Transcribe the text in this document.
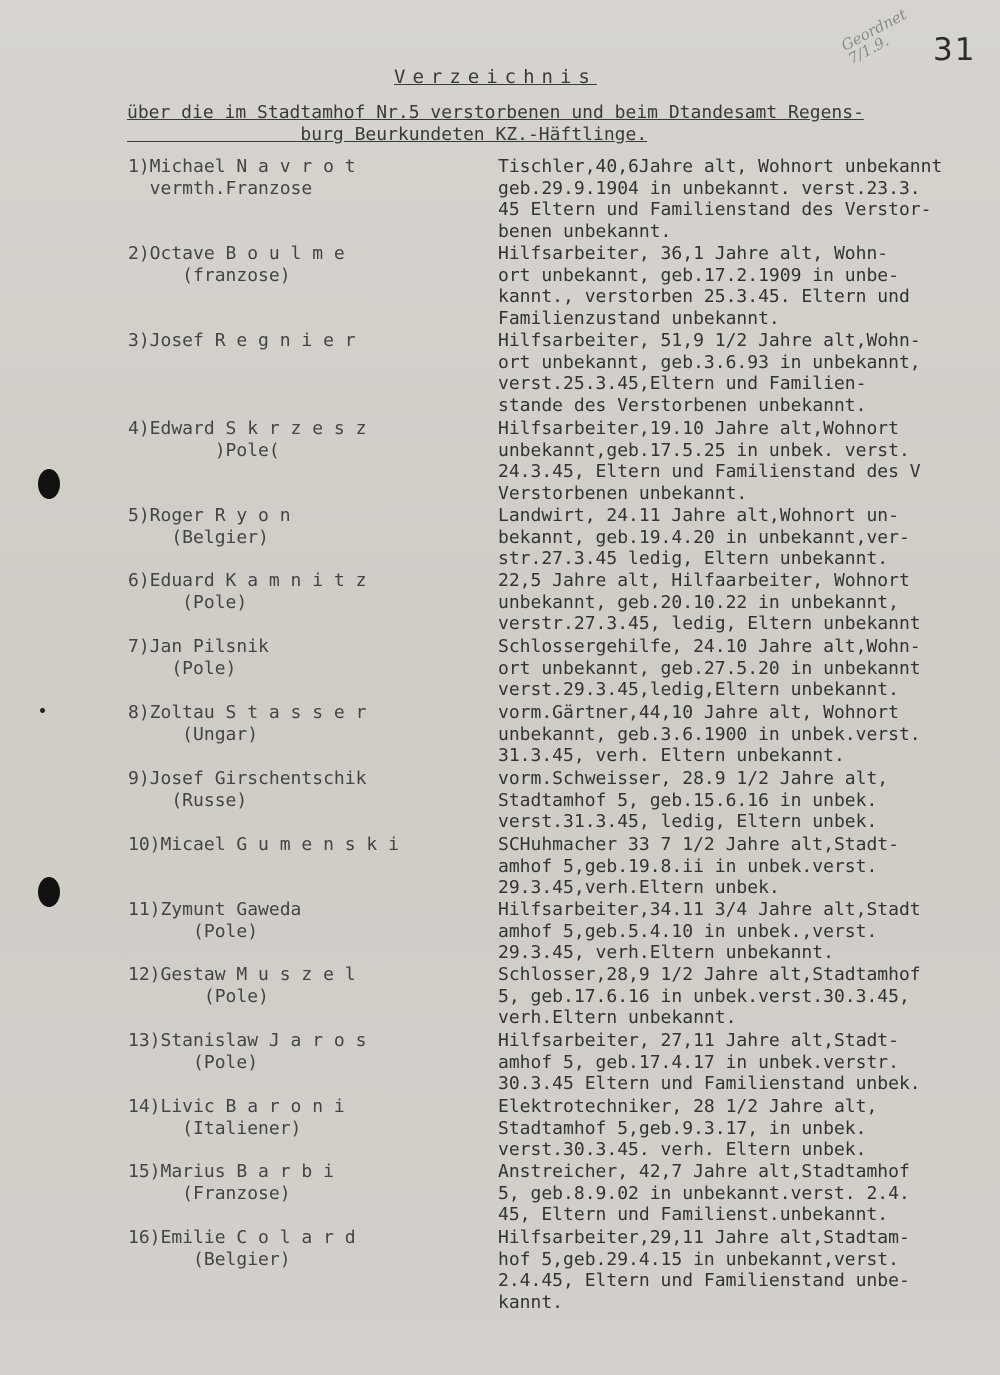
Geordnet
7/1.9.	31
Verzeichnis
über die im Stadtamhof Nr.5 verstorbenen und beim Dtandesamt Regens-
burg Beurkundeten KZ.-Häftlinge.
1)Michael N a v r o t
vermth.Franzose
Tischler,40,6Jahre alt, Wohnort unbekannt
geb.29.9.1904 in unbekannt. verst.23.3.
45 Eltern und Familienstand des Verstor-
benen unbekannt.
2)Octave B o u l m e
(franzose)
Hilfsarbeiter, 36,1 Jahre alt, Wohn-
ort unbekannt, geb.17.2.1909 in unbe-
kannt., verstorben 25.3.45. Eltern und
Familienzustand unbekannt.
3)Josef R e g n i e r	Hilfsarbeiter, 51,9 1/2 Jahre alt,Wohn-
ort unbekannt, geb.3.6.93 in unbekannt,
verst.25.3.45,Eltern und Familien-
stande des Verstorbenen unbekannt.
4)Edward S k r z e s z
)Pole(
Hilfsarbeiter,19.10 Jahre alt,Wohnort
unbekannt,geb.17.5.25 in unbek. verst.
24.3.45, Eltern und Familienstand des V
Verstorbenen unbekannt.
5)Roger R y o n
(Belgier)
Landwirt, 24.11 Jahre alt,Wohnort un-
bekannt, geb.19.4.20 in unbekannt,ver-
str.27.3.45 ledig, Eltern unbekannt.
6)Eduard K a m n i t z
(Pole)
22,5 Jahre alt, Hilfaarbeiter, Wohnort
unbekannt, geb.20.10.22 in unbekannt,
verstr.27.3.45, ledig, Eltern unbekannt
7)Jan Pilsnik
(Pole)
Schlossergehilfe, 24.10 Jahre alt,Wohn-
ort unbekannt, geb.27.5.20 in unbekannt
verst.29.3.45,ledig,Eltern unbekannt.
8)Zoltau S t a s s e r
(Ungar)
vorm.Gärtner,44,10 Jahre alt, Wohnort
unbekannt, geb.3.6.1900 in unbek.verst.
31.3.45, verh. Eltern unbekannt.
9)Josef Girschentschik
(Russe)
vorm.Schweisser, 28.9 1/2 Jahre alt,
Stadtamhof 5, geb.15.6.16 in unbek.
verst.31.3.45, ledig, Eltern unbek.
10)Micael G u m e n s k i	SCHuhmacher 33 7 1/2 Jahre alt,Stadt-
amhof 5,geb.19.8.ii in unbek.verst.
29.3.45,verh.Eltern unbek.
11)Zymunt Gaweda
(Pole)
Hilfsarbeiter,34.11 3/4 Jahre alt,Stadt
amhof 5,geb.5.4.10 in unbek.,verst.
29.3.45, verh.Eltern unbekannt.
12)Gestaw M u s z e l
(Pole)
Schlosser,28,9 1/2 Jahre alt,Stadtamhof
5, geb.17.6.16 in unbek.verst.30.3.45,
verh.Eltern unbekannt.
13)Stanislaw J a r o s
(Pole)
Hilfsarbeiter, 27,11 Jahre alt,Stadt-
amhof 5, geb.17.4.17 in unbek.verstr.
30.3.45 Eltern und Familienstand unbek.
14)Livic B a r o n i
(Italiener)
Elektrotechniker, 28 1/2 Jahre alt,
Stadtamhof 5,geb.9.3.17, in unbek.
verst.30.3.45. verh. Eltern unbek.
15)Marius B a r b i
(Franzose)
Anstreicher, 42,7 Jahre alt,Stadtamhof
5, geb.8.9.02 in unbekannt.verst. 2.4.
45, Eltern und Familienst.unbekannt.
16)Emilie C o l a r d
(Belgier)
Hilfsarbeiter,29,11 Jahre alt,Stadtam-
hof 5,geb.29.4.15 in unbekannt,verst.
2.4.45, Eltern und Familienstand unbe-
kannt.
